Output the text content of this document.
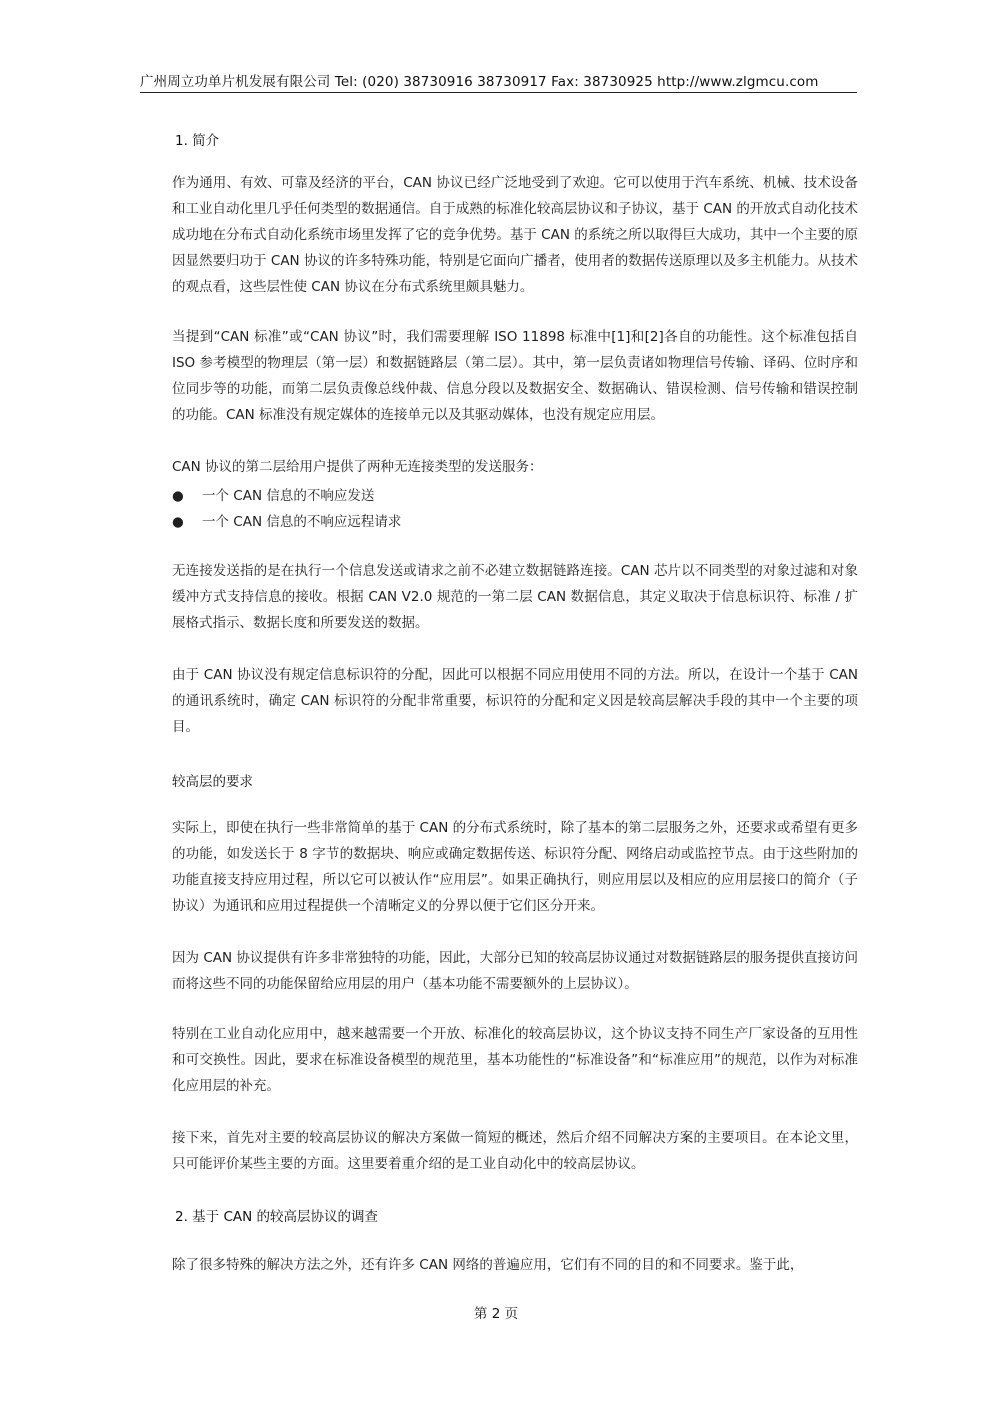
广州周立功单片机发展有限公司 Tel: (020) 38730916 38730917 Fax: 38730925 http://www.zlgmcu.com
1. 简介
作为通用、有效、可靠及经济的平台，CAN 协议已经广泛地受到了欢迎。它可以使用于汽车系统、机械、技术设备和工业自动化里几乎任何类型的数据通信。自于成熟的标准化较高层协议和子协议，基于 CAN 的开放式自动化技术成功地在分布式自动化系统市场里发挥了它的竞争优势。基于 CAN 的系统之所以取得巨大成功，其中一个主要的原因显然要归功于 CAN 协议的许多特殊功能，特别是它面向广播者，使用者的数据传送原理以及多主机能力。从技术的观点看，这些层性使 CAN 协议在分布式系统里颇具魅力。
当提到“CAN 标准”或“CAN 协议”时，我们需要理解 ISO 11898 标准中[1]和[2]各自的功能性。这个标准包括自 ISO 参考模型的物理层（第一层）和数据链路层（第二层）。其中，第一层负责诸如物理信号传输、译码、位时序和位同步等的功能，而第二层负责像总线仲裁、信息分段以及数据安全、数据确认、错误检测、信号传输和错误控制的功能。CAN 标准没有规定媒体的连接单元以及其驱动媒体，也没有规定应用层。
CAN 协议的第二层给用户提供了两种无连接类型的发送服务：
● 一个 CAN 信息的不响应发送
● 一个 CAN 信息的不响应远程请求
无连接发送指的是在执行一个信息发送或请求之前不必建立数据链路连接。CAN 芯片以不同类型的对象过滤和对象缓冲方式支持信息的接收。根据 CAN V2.0 规范的一第二层 CAN 数据信息，其定义取决于信息标识符、标准 / 扩展格式指示、数据长度和所要发送的数据。
由于 CAN 协议没有规定信息标识符的分配，因此可以根据不同应用使用不同的方法。所以，在设计一个基于 CAN 的通讯系统时，确定 CAN 标识符的分配非常重要，标识符的分配和定义因是较高层解决手段的其中一个主要的项目。
较高层的要求
实际上，即使在执行一些非常简单的基于 CAN 的分布式系统时，除了基本的第二层服务之外，还要求或希望有更多的功能，如发送长于 8 字节的数据块、响应或确定数据传送、标识符分配、网络启动或监控节点。由于这些附加的功能直接支持应用过程，所以它可以被认作“应用层”。如果正确执行，则应用层以及相应的应用层接口的简介（子协议）为通讯和应用过程提供一个清晰定义的分界以便于它们区分开来。
因为 CAN 协议提供有许多非常独特的功能，因此，大部分已知的较高层协议通过对数据链路层的服务提供直接访问而将这些不同的功能保留给应用层的用户（基本功能不需要额外的上层协议）。
特别在工业自动化应用中，越来越需要一个开放、标准化的较高层协议，这个协议支持不同生产厂家设备的互用性和可交换性。因此，要求在标准设备模型的规范里，基本功能性的“标准设备”和“标准应用”的规范，以作为对标准化应用层的补充。
接下来，首先对主要的较高层协议的解决方案做一简短的概述，然后介绍不同解决方案的主要项目。在本论文里，只可能评价某些主要的方面。这里要着重介绍的是工业自动化中的较高层协议。
2. 基于 CAN 的较高层协议的调查
除了很多特殊的解决方法之外，还有许多 CAN 网络的普遍应用，它们有不同的目的和不同要求。鉴于此，
第 2 页
